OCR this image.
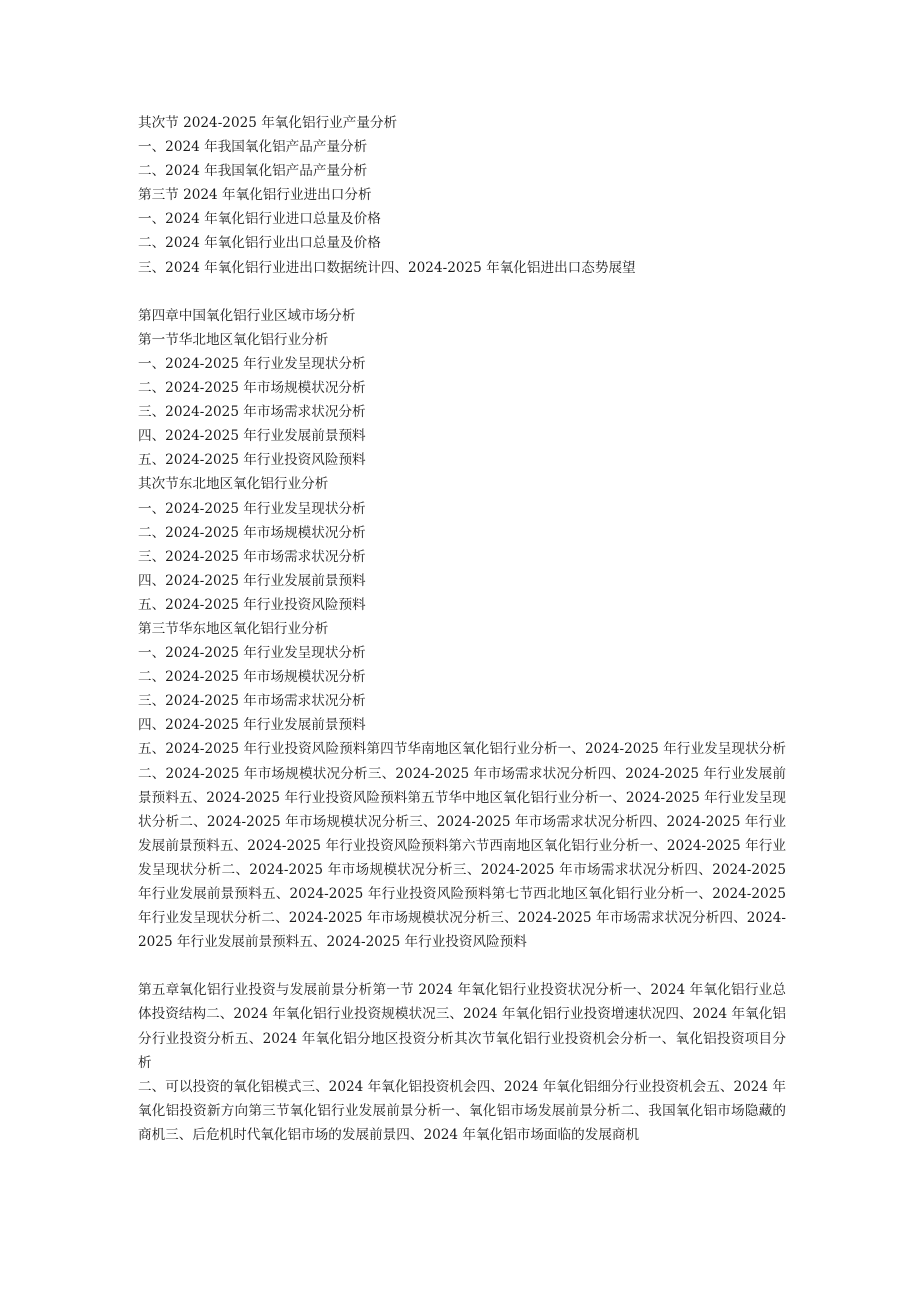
其次节 2024-2025 年氧化铝行业产量分析
一、2024 年我国氧化铝产品产量分析
二、2024 年我国氧化铝产品产量分析
第三节 2024 年氧化铝行业进出口分析
一、2024 年氧化铝行业进口总量及价格
二、2024 年氧化铝行业出口总量及价格
三、2024 年氧化铝行业进出口数据统计四、2024-2025 年氧化铝进出口态势展望
第四章中国氧化铝行业区域市场分析
第一节华北地区氧化铝行业分析
一、2024-2025 年行业发呈现状分析
二、2024-2025 年市场规模状况分析
三、2024-2025 年市场需求状况分析
四、2024-2025 年行业发展前景预料
五、2024-2025 年行业投资风险预料
其次节东北地区氧化铝行业分析
一、2024-2025 年行业发呈现状分析
二、2024-2025 年市场规模状况分析
三、2024-2025 年市场需求状况分析
四、2024-2025 年行业发展前景预料
五、2024-2025 年行业投资风险预料
第三节华东地区氧化铝行业分析
一、2024-2025 年行业发呈现状分析
二、2024-2025 年市场规模状况分析
三、2024-2025 年市场需求状况分析
四、2024-2025 年行业发展前景预料
五、2024-2025 年行业投资风险预料第四节华南地区氧化铝行业分析一、2024-2025 年行业发呈现状分析二、2024-2025 年市场规模状况分析三、2024-2025 年市场需求状况分析四、2024-2025 年行业发展前景预料五、2024-2025 年行业投资风险预料第五节华中地区氧化铝行业分析一、2024-2025 年行业发呈现状分析二、2024-2025 年市场规模状况分析三、2024-2025 年市场需求状况分析四、2024-2025 年行业发展前景预料五、2024-2025 年行业投资风险预料第六节西南地区氧化铝行业分析一、2024-2025 年行业发呈现状分析二、2024-2025 年市场规模状况分析三、2024-2025 年市场需求状况分析四、2024-2025 年行业发展前景预料五、2024-2025 年行业投资风险预料第七节西北地区氧化铝行业分析一、2024-2025 年行业发呈现状分析二、2024-2025 年市场规模状况分析三、2024-2025 年市场需求状况分析四、2024-2025 年行业发展前景预料五、2024-2025 年行业投资风险预料
第五章氧化铝行业投资与发展前景分析第一节 2024 年氧化铝行业投资状况分析一、2024 年氧化铝行业总体投资结构二、2024 年氧化铝行业投资规模状况三、2024 年氧化铝行业投资增速状况四、2024 年氧化铝分行业投资分析五、2024 年氧化铝分地区投资分析其次节氧化铝行业投资机会分析一、氧化铝投资项目分析
二、可以投资的氧化铝模式三、2024 年氧化铝投资机会四、2024 年氧化铝细分行业投资机会五、2024 年氧化铝投资新方向第三节氧化铝行业发展前景分析一、氧化铝市场发展前景分析二、我国氧化铝市场隐藏的商机三、后危机时代氧化铝市场的发展前景四、2024 年氧化铝市场面临的发展商机
